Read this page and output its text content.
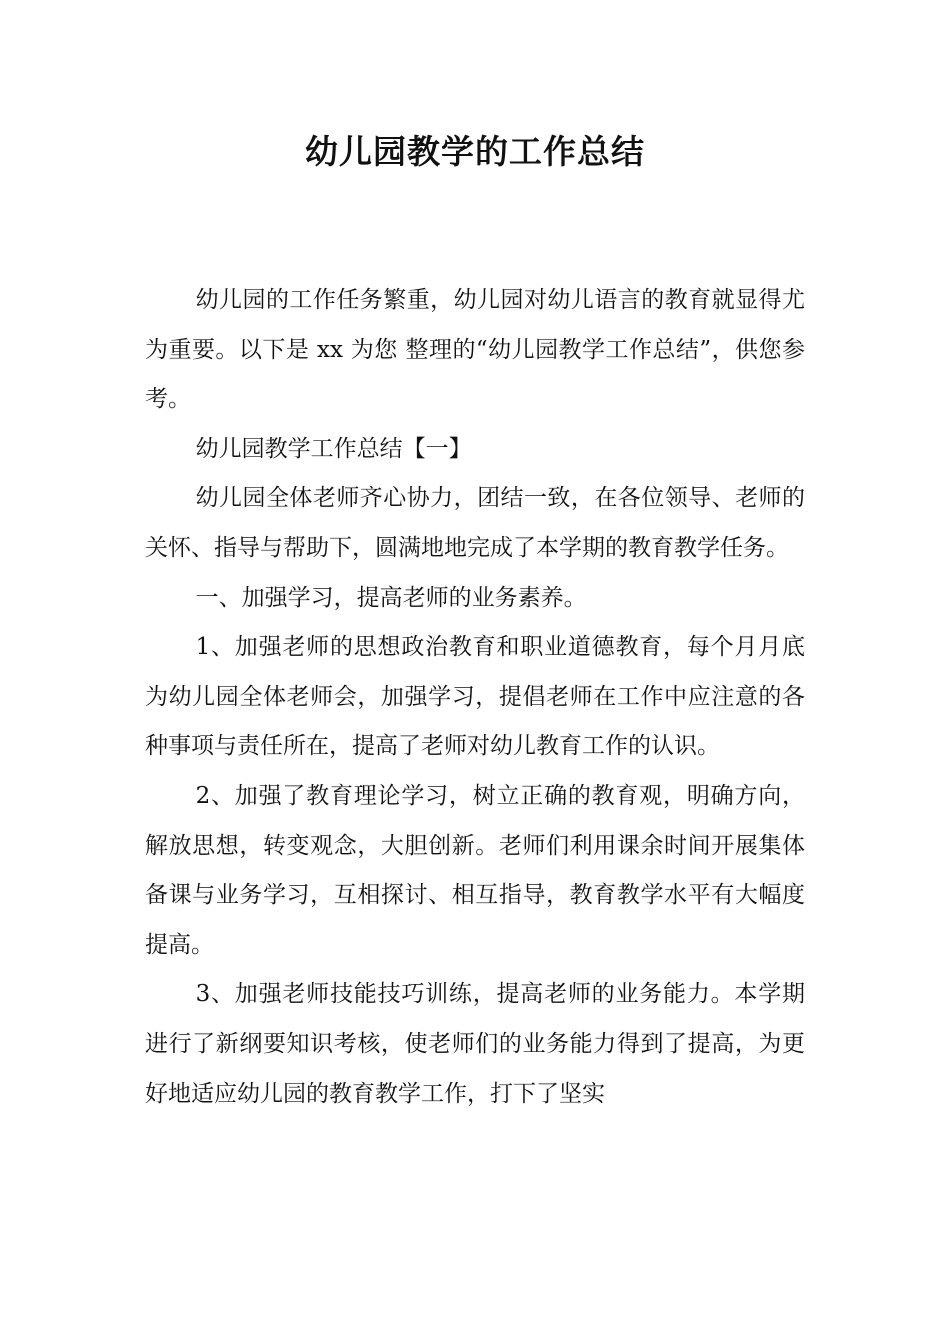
幼儿园教学的工作总结

幼儿园的工作任务繁重，幼儿园对幼儿语言的教育就显得尤为重要。以下是 xx 为您 整理的“幼儿园教学工作总结”，供您参考。

幼儿园教学工作总结【一】

幼儿园全体老师齐心协力，团结一致，在各位领导、老师的关怀、指导与帮助下，圆满地地完成了本学期的教育教学任务。

一、加强学习，提高老师的业务素养。

1、加强老师的思想政治教育和职业道德教育，每个月月底为幼儿园全体老师会，加强学习，提倡老师在工作中应注意的各种事项与责任所在，提高了老师对幼儿教育工作的认识。

2、加强了教育理论学习，树立正确的教育观，明确方向，解放思想，转变观念，大胆创新。老师们利用课余时间开展集体备课与业务学习，互相探讨、相互指导，教育教学水平有大幅度提高。

3、加强老师技能技巧训练，提高老师的业务能力。本学期进行了新纲要知识考核，使老师们的业务能力得到了提高，为更好地适应幼儿园的教育教学工作，打下了坚实
